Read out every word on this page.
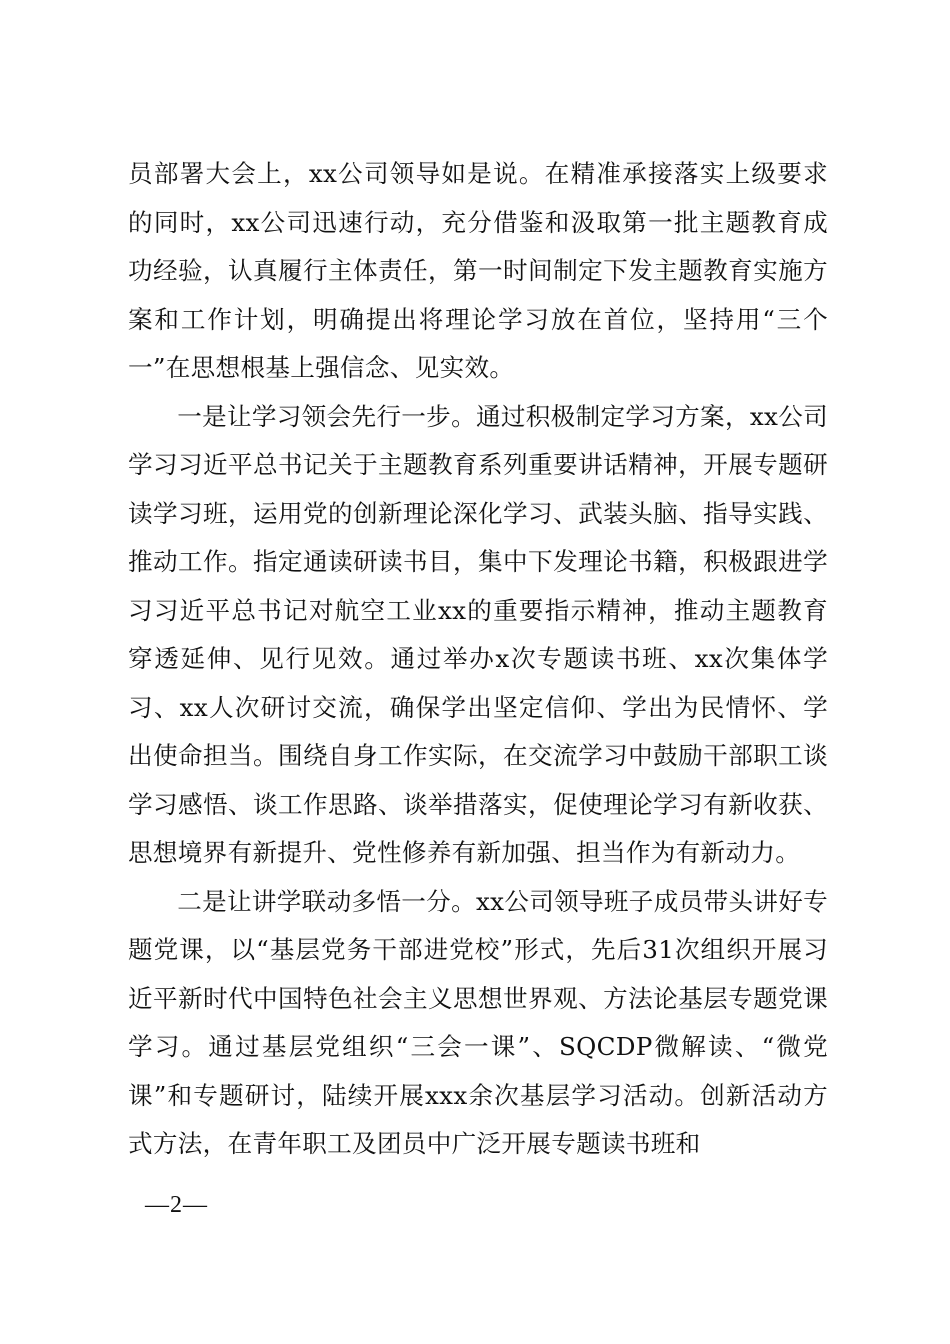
员部署大会上，xx公司领导如是说。在精准承接落实上级要求的同时，xx公司迅速行动，充分借鉴和汲取第一批主题教育成功经验，认真履行主体责任，第一时间制定下发主题教育实施方案和工作计划，明确提出将理论学习放在首位，坚持用“三个一”在思想根基上强信念、见实效。

一是让学习领会先行一步。通过积极制定学习方案，xx公司学习习近平总书记关于主题教育系列重要讲话精神，开展专题研读学习班，运用党的创新理论深化学习、武装头脑、指导实践、推动工作。指定通读研读书目，集中下发理论书籍，积极跟进学习习近平总书记对航空工业xx的重要指示精神，推动主题教育穿透延伸、见行见效。通过举办x次专题读书班、xx次集体学习、xx人次研讨交流，确保学出坚定信仰、学出为民情怀、学出使命担当。围绕自身工作实际，在交流学习中鼓励干部职工谈学习感悟、谈工作思路、谈举措落实，促使理论学习有新收获、思想境界有新提升、党性修养有新加强、担当作为有新动力。

二是让讲学联动多悟一分。xx公司领导班子成员带头讲好专题党课，以“基层党务干部进党校”形式，先后31次组织开展习近平新时代中国特色社会主义思想世界观、方法论基层专题党课学习。通过基层党组织“三会一课”、SQCDP微解读、“微党课”和专题研讨，陆续开展xxx余次基层学习活动。创新活动方式方法，在青年职工及团员中广泛开展专题读书班和

—2—
